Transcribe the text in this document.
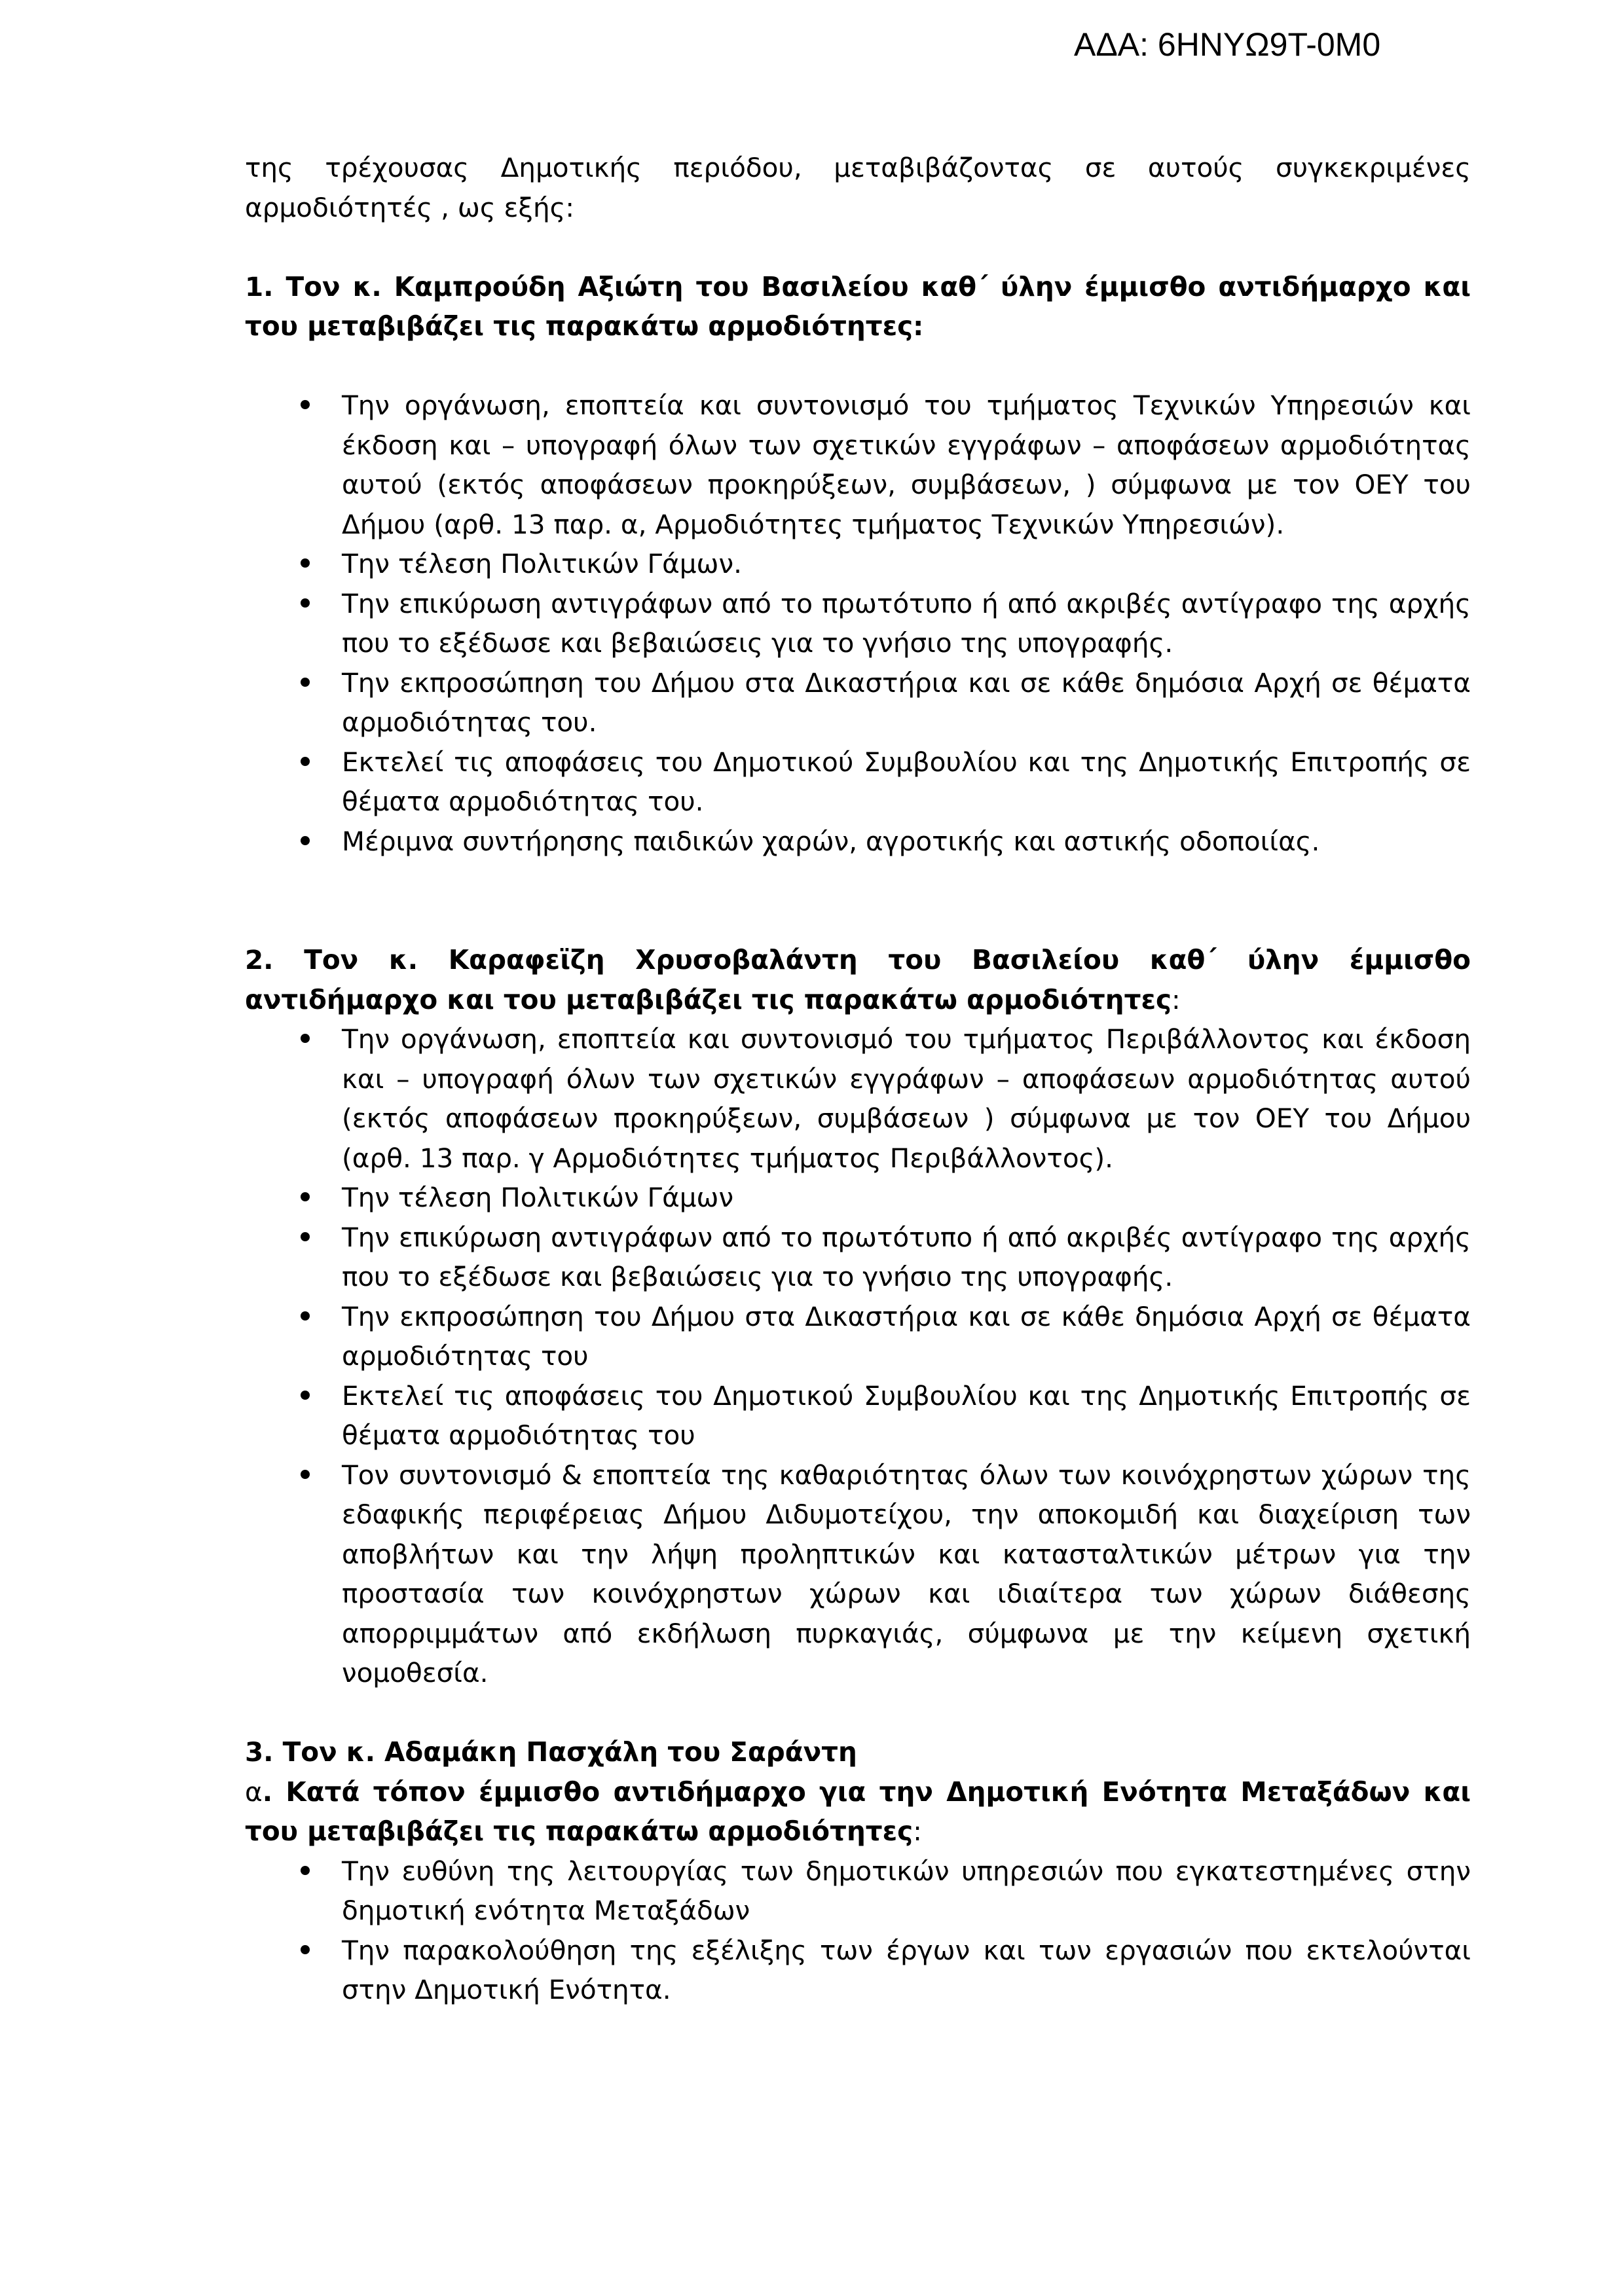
ΑΔΑ: 6HNYΩ9T-0M0

της τρέχουσας Δημοτικής περιόδου, μεταβιβάζοντας σε αυτούς συγκεκριμένες αρμοδιότητές , ως εξής:

1. Τον κ. Καμπρούδη Αξιώτη του Βασιλείου καθ΄ ύλην έμμισθο αντιδήμαρχο και του μεταβιβάζει τις παρακάτω αρμοδιότητες:

Την οργάνωση, εποπτεία και συντονισμό του τμήματος Τεχνικών Υπηρεσιών και έκδοση και – υπογραφή όλων των σχετικών εγγράφων – αποφάσεων αρμοδιότητας αυτού (εκτός αποφάσεων προκηρύξεων, συμβάσεων, ) σύμφωνα με τον ΟΕΥ του Δήμου (αρθ. 13 παρ. α, Αρμοδιότητες τμήματος Τεχνικών Υπηρεσιών).
Την τέλεση Πολιτικών Γάμων.
Την επικύρωση αντιγράφων από το πρωτότυπο ή από ακριβές αντίγραφο της αρχής που το εξέδωσε και βεβαιώσεις για το γνήσιο της υπογραφής.
Την εκπροσώπηση του Δήμου στα Δικαστήρια και σε κάθε δημόσια Αρχή σε θέματα αρμοδιότητας του.
Εκτελεί τις αποφάσεις του Δημοτικού Συμβουλίου και της Δημοτικής Επιτροπής σε θέματα αρμοδιότητας του.
Μέριμνα συντήρησης παιδικών χαρών, αγροτικής και αστικής οδοποιίας.

2. Τον κ. Καραφεϊζη Χρυσοβαλάντη του Βασιλείου καθ΄ ύλην έμμισθο αντιδήμαρχο και του μεταβιβάζει τις παρακάτω αρμοδιότητες:

Την οργάνωση, εποπτεία και συντονισμό του τμήματος Περιβάλλοντος και έκδοση και – υπογραφή όλων των σχετικών εγγράφων – αποφάσεων αρμοδιότητας αυτού (εκτός αποφάσεων προκηρύξεων, συμβάσεων ) σύμφωνα με τον ΟΕΥ του Δήμου (αρθ. 13 παρ. γ Αρμοδιότητες τμήματος Περιβάλλοντος).
Την τέλεση Πολιτικών Γάμων
Την επικύρωση αντιγράφων από το πρωτότυπο ή από ακριβές αντίγραφο της αρχής που το εξέδωσε και βεβαιώσεις για το γνήσιο της υπογραφής.
Την εκπροσώπηση του Δήμου στα Δικαστήρια και σε κάθε δημόσια Αρχή σε θέματα αρμοδιότητας του
Εκτελεί τις αποφάσεις του Δημοτικού Συμβουλίου και της Δημοτικής Επιτροπής σε θέματα αρμοδιότητας του
Τον συντονισμό & εποπτεία της καθαριότητας όλων των κοινόχρηστων χώρων της εδαφικής περιφέρειας Δήμου Διδυμοτείχου, την αποκομιδή και διαχείριση των αποβλήτων και την λήψη προληπτικών και κατασταλτικών μέτρων για την προστασία των κοινόχρηστων χώρων και ιδιαίτερα των χώρων διάθεσης απορριμμάτων από εκδήλωση πυρκαγιάς, σύμφωνα με την κείμενη σχετική νομοθεσία.

3. Τον κ. Αδαμάκη Πασχάλη του Σαράντη

α. Κατά τόπον έμμισθο αντιδήμαρχο για την Δημοτική Ενότητα Μεταξάδων και του μεταβιβάζει τις παρακάτω αρμοδιότητες:

Την ευθύνη της λειτουργίας των δημοτικών υπηρεσιών που εγκατεστημένες στην δημοτική ενότητα Μεταξάδων
Την παρακολούθηση της εξέλιξης των έργων και των εργασιών που εκτελούνται στην Δημοτική Ενότητα.
